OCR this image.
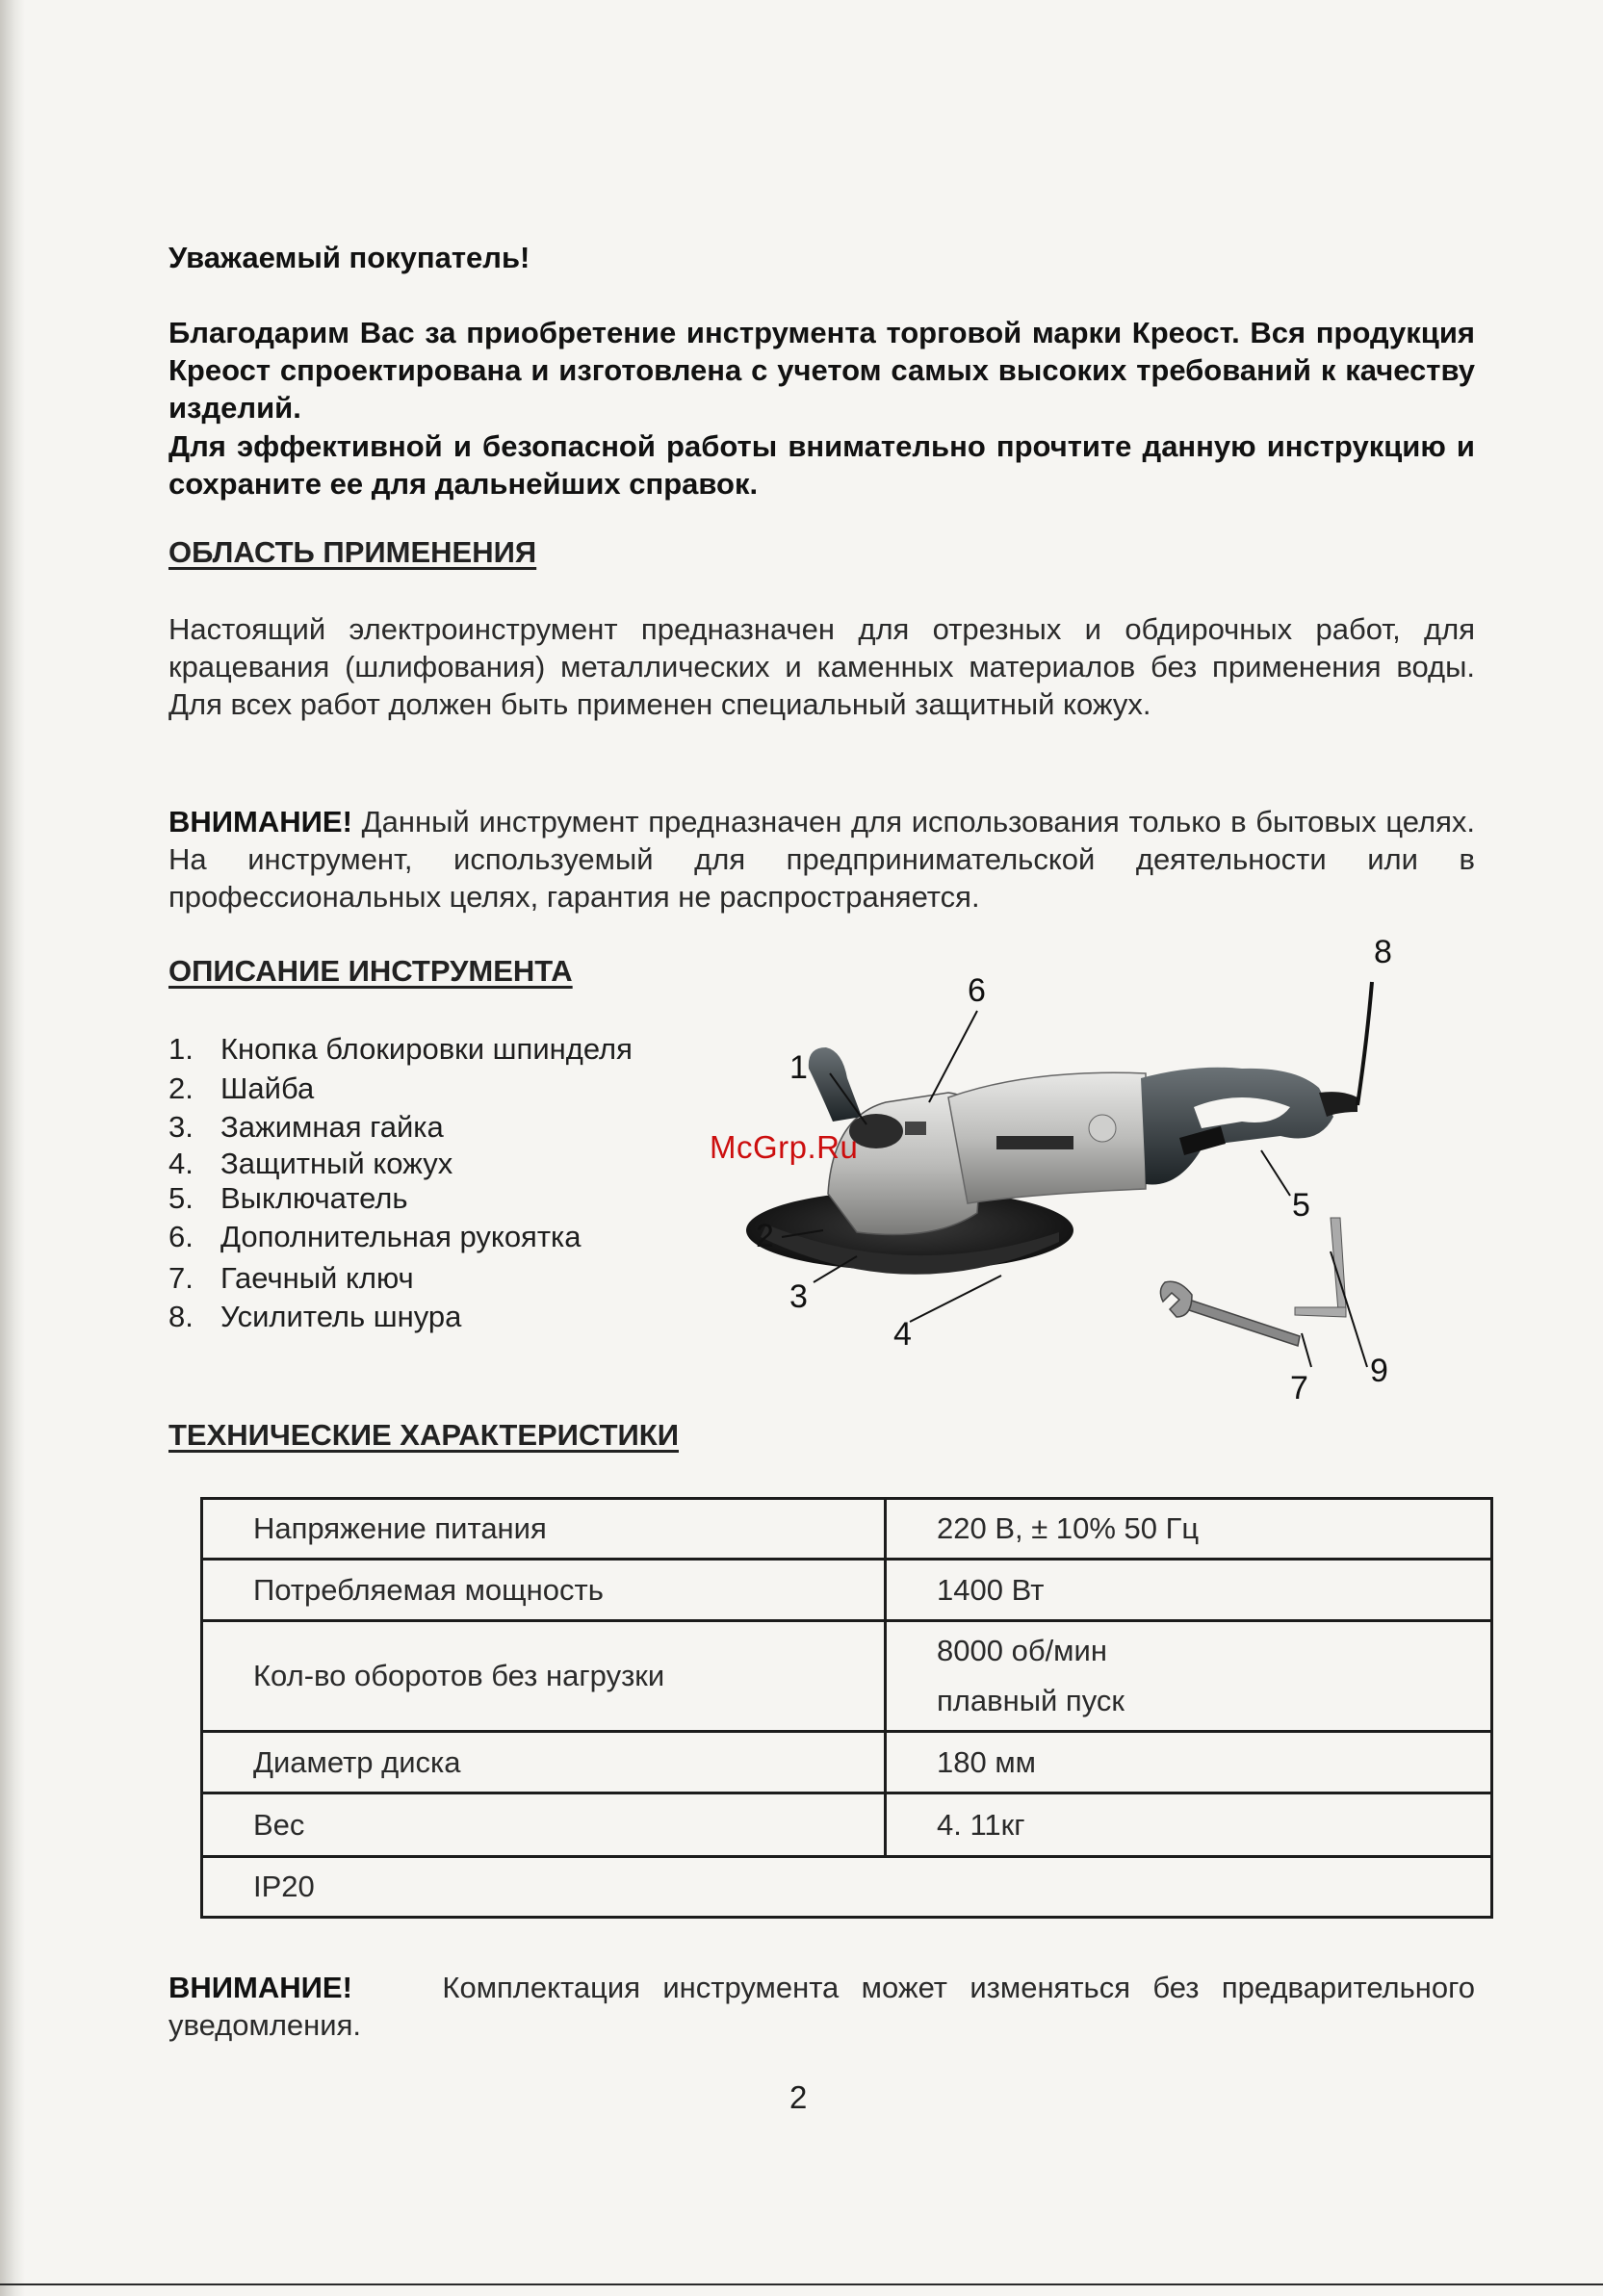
Уважаемый покупатель!
Благодарим Вас за приобретение инструмента торговой марки Креост. Вся продукция Креост спроектирована и изготовлена с учетом самых высоких требований к качеству изделий.
Для эффективной и безопасной работы внимательно прочтите данную инструкцию и сохраните ее для дальнейших справок.
ОБЛАСТЬ ПРИМЕНЕНИЯ
Настоящий электроинструмент предназначен для отрезных и обдирочных работ, для крацевания (шлифования) металлических и каменных материалов без применения воды. Для всех работ должен быть применен специальный защитный кожух.
ВНИМАНИЕ! Данный инструмент предназначен для использования только в бытовых целях. На инструмент, используемый для предпринимательской деятельности или в профессиональных целях, гарантия не распространяется.
ОПИСАНИЕ ИНСТРУМЕНТА
1. Кнопка блокировки шпинделя
2. Шайба
3. Зажимная гайка
4. Защитный кожух
5. Выключатель
6. Дополнительная рукоятка
7. Гаечный ключ
8. Усилитель шнура
1
2
3
4
5
6
7
8
9
McGrp.Ru
ТЕХНИЧЕСКИЕ ХАРАКТЕРИСТИКИ
Напряжение питания	220 В, ± 10% 50 Гц
Потребляемая мощность	1400 Вт
Кол-во оборотов без нагрузки	8000 об/мин
плавный пуск

Диаметр диска	180 мм
Вес	4. 11кг
IP20	
ВНИМАНИЕ!	Комплектация инструмента может изменяться без предварительного уведомления.
2
